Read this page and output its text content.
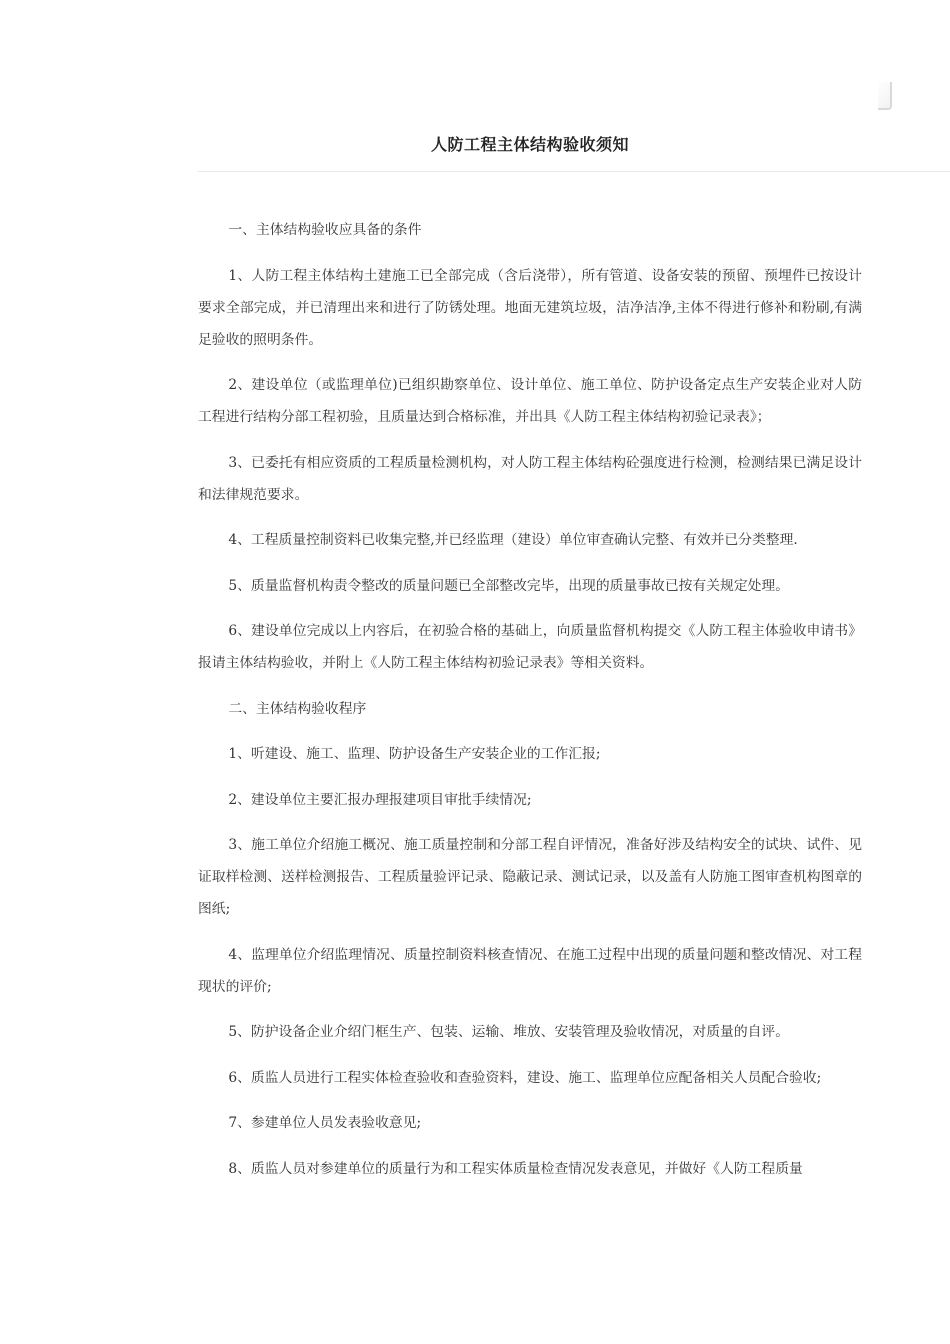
人防工程主体结构验收须知

一、主体结构验收应具备的条件

1、人防工程主体结构土建施工已全部完成（含后浇带），所有管道、设备安装的预留、预埋件已按设计要求全部完成，并已清理出来和进行了防锈处理。地面无建筑垃圾，洁净洁净,主体不得进行修补和粉刷,有满足验收的照明条件。

2、建设单位（或监理单位)已组织勘察单位、设计单位、施工单位、防护设备定点生产安装企业对人防工程进行结构分部工程初验，且质量达到合格标准，并出具《人防工程主体结构初验记录表》；

3、已委托有相应资质的工程质量检测机构，对人防工程主体结构砼强度进行检测，检测结果已满足设计和法律规范要求。

4、工程质量控制资料已收集完整,并已经监理（建设）单位审查确认完整、有效并已分类整理.

5、质量监督机构责令整改的质量问题已全部整改完毕，出现的质量事故已按有关规定处理。

6、建设单位完成以上内容后，在初验合格的基础上，向质量监督机构提交《人防工程主体验收申请书》报请主体结构验收，并附上《人防工程主体结构初验记录表》等相关资料。

二、主体结构验收程序

1、听建设、施工、监理、防护设备生产安装企业的工作汇报;

2、建设单位主要汇报办理报建项目审批手续情况;

3、施工单位介绍施工概况、施工质量控制和分部工程自评情况，准备好涉及结构安全的试块、试件、见证取样检测、送样检测报告、工程质量验评记录、隐蔽记录、测试记录，以及盖有人防施工图审查机构图章的图纸;

4、监理单位介绍监理情况、质量控制资料核查情况、在施工过程中出现的质量问题和整改情况、对工程现状的评价;

5、防护设备企业介绍门框生产、包装、运输、堆放、安装管理及验收情况，对质量的自评。

6、质监人员进行工程实体检查验收和查验资料，建设、施工、监理单位应配备相关人员配合验收;

7、参建单位人员发表验收意见;

8、质监人员对参建单位的质量行为和工程实体质量检查情况发表意见，并做好《人防工程质量
